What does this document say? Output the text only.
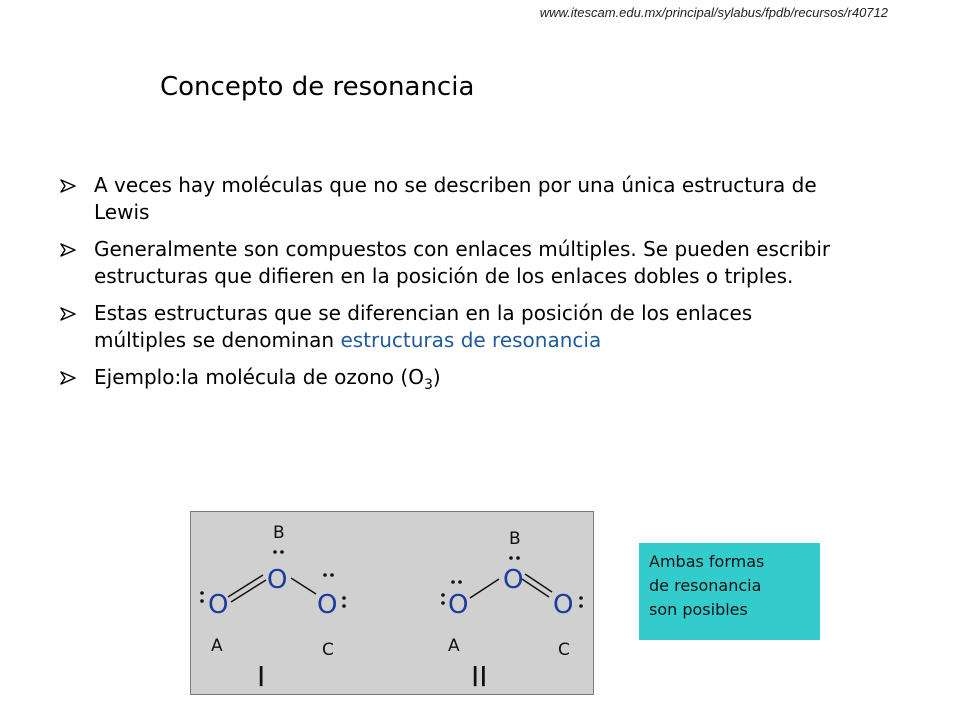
www.itescam.edu.mx/principal/sylabus/fpdb/recursos/r40712
Concepto de resonancia
A veces hay moléculas que no se describen por una única estructura de Lewis
Generalmente son compuestos con enlaces múltiples. Se pueden escribir estructuras que difieren en la posición de los enlaces dobles o triples.
Estas estructuras que se diferencian en la posición de los enlaces múltiples se denominan estructuras de resonancia
Ejemplo:la molécula de ozono $(O_3)$
B
O
O	O
A	C
I
B
O
O	O
A	C
II
Ambas formas
de resonancia
son posibles
